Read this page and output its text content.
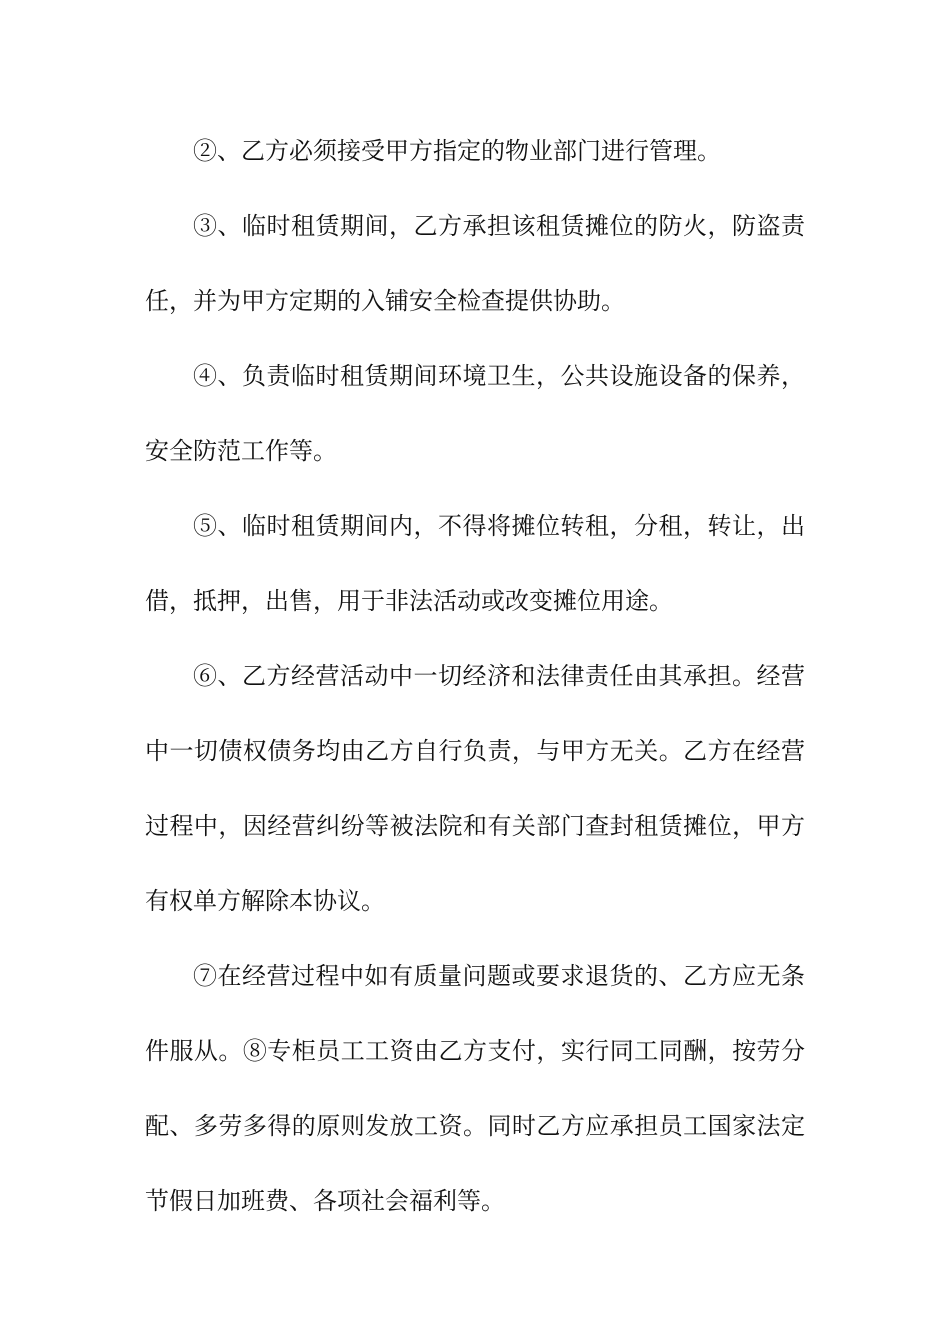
②、乙方必须接受甲方指定的物业部门进行管理。

③、临时租赁期间，乙方承担该租赁摊位的防火，防盗责任，并为甲方定期的入铺安全检查提供协助。

④、负责临时租赁期间环境卫生，公共设施设备的保养，安全防范工作等。

⑤、临时租赁期间内，不得将摊位转租，分租，转让，出借，抵押，出售，用于非法活动或改变摊位用途。

⑥、乙方经营活动中一切经济和法律责任由其承担。经营中一切债权债务均由乙方自行负责，与甲方无关。乙方在经营过程中，因经营纠纷等被法院和有关部门查封租赁摊位，甲方有权单方解除本协议。

⑦在经营过程中如有质量问题或要求退货的、乙方应无条件服从。⑧专柜员工工资由乙方支付，实行同工同酬，按劳分配、多劳多得的原则发放工资。同时乙方应承担员工国家法定节假日加班费、各项社会福利等。
